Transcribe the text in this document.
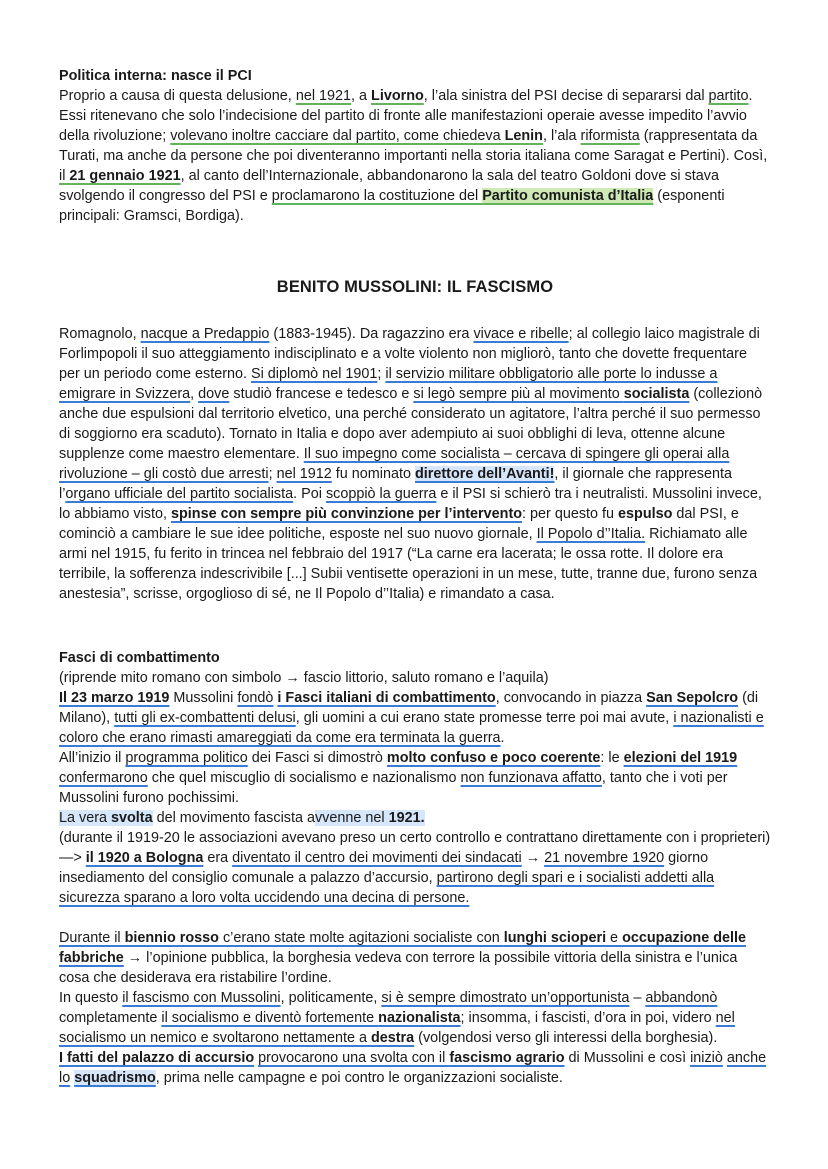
Politica interna: nasce il PCI

Proprio a causa di questa delusione, nel 1921, a Livorno, l’ala sinistra del PSI decise di separarsi dal partito. Essi ritenevano che solo l’indecisione del partito di fronte alle manifestazioni operaie avesse impedito l’avvio della rivoluzione; volevano inoltre cacciare dal partito, come chiedeva Lenin, l’ala riformista (rappresentata da Turati, ma anche da persone che poi diventeranno importanti nella storia italiana come Saragat e Pertini). Così, il 21 gennaio 1921, al canto dell’Internazionale, abbandonarono la sala del teatro Goldoni dove si stava svolgendo il congresso del PSI e proclamarono la costituzione del Partito comunista d’Italia (esponenti principali: Gramsci, Bordiga).

BENITO MUSSOLINI: IL FASCISMO

Romagnolo, nacque a Predappio (1883-1945). Da ragazzino era vivace e ribelle; al collegio laico magistrale di Forlimpopoli il suo atteggiamento indisciplinato e a volte violento non migliorò, tanto che dovette frequentare per un periodo come esterno. Si diplomò nel 1901; il servizio militare obbligatorio alle porte lo indusse a emigrare in Svizzera, dove studiò francese e tedesco e si legò sempre più al movimento socialista (collezionò anche due espulsioni dal territorio elvetico, una perché considerato un agitatore, l’altra perché il suo permesso di soggiorno era scaduto). Tornato in Italia e dopo aver adempiuto ai suoi obblighi di leva, ottenne alcune supplenze come maestro elementare. Il suo impegno come socialista – cercava di spingere gli operai alla rivoluzione – gli costò due arresti; nel 1912 fu nominato direttore dell’Avanti!, il giornale che rappresenta l’organo ufficiale del partito socialista. Poi scoppiò la guerra e il PSI si schierò tra i neutralisti. Mussolini invece, lo abbiamo visto, spinse con sempre più convinzione per l’intervento: per questo fu espulso dal PSI, e cominciò a cambiare le sue idee politiche, esposte nel suo nuovo giornale, Il Popolo d’’Italia. Richiamato alle armi nel 1915, fu ferito in trincea nel febbraio del 1917 (“La carne era lacerata; le ossa rotte. Il dolore era terribile, la sofferenza indescrivibile [...] Subii ventisette operazioni in un mese, tutte, tranne due, furono senza anestesia”, scrisse, orgoglioso di sé, ne Il Popolo d’’Italia) e rimandato a casa.

Fasci di combattimento

(riprende mito romano con simbolo → fascio littorio, saluto romano e l’aquila)

Il 23 marzo 1919 Mussolini fondò i Fasci italiani di combattimento, convocando in piazza San Sepolcro (di Milano), tutti gli ex-combattenti delusi, gli uomini a cui erano state promesse terre poi mai avute, i nazionalisti e coloro che erano rimasti amareggiati da come era terminata la guerra.

All’inizio il programma politico dei Fasci si dimostrò molto confuso e poco coerente: le elezioni del 1919 confermarono che quel miscuglio di socialismo e nazionalismo non funzionava affatto, tanto che i voti per Mussolini furono pochissimi.

La vera svolta del movimento fascista avvenne nel 1921.

(durante il 1919-20 le associazioni avevano preso un certo controllo e contrattano direttamente con i proprieteri) —> il 1920 a Bologna era diventato il centro dei movimenti dei sindacati → 21 novembre 1920 giorno insediamento del consiglio comunale a palazzo d’accursio, partirono degli spari e i socialisti addetti alla sicurezza sparano a loro volta uccidendo una decina di persone.

Durante il biennio rosso c’erano state molte agitazioni socialiste con lunghi scioperi e occupazione delle fabbriche → l’opinione pubblica, la borghesia vedeva con terrore la possibile vittoria della sinistra e l’unica cosa che desiderava era ristabilire l’ordine.

In questo il fascismo con Mussolini, politicamente, si è sempre dimostrato un’opportunista – abbandonò completamente il socialismo e diventò fortemente nazionalista; insomma, i fascisti, d’ora in poi, videro nel socialismo un nemico e svoltarono nettamente a destra (volgendosi verso gli interessi della borghesia).

I fatti del palazzo di accursio provocarono una svolta con il fascismo agrario di Mussolini e così iniziò anche lo squadrismo, prima nelle campagne e poi contro le organizzazioni socialiste.
